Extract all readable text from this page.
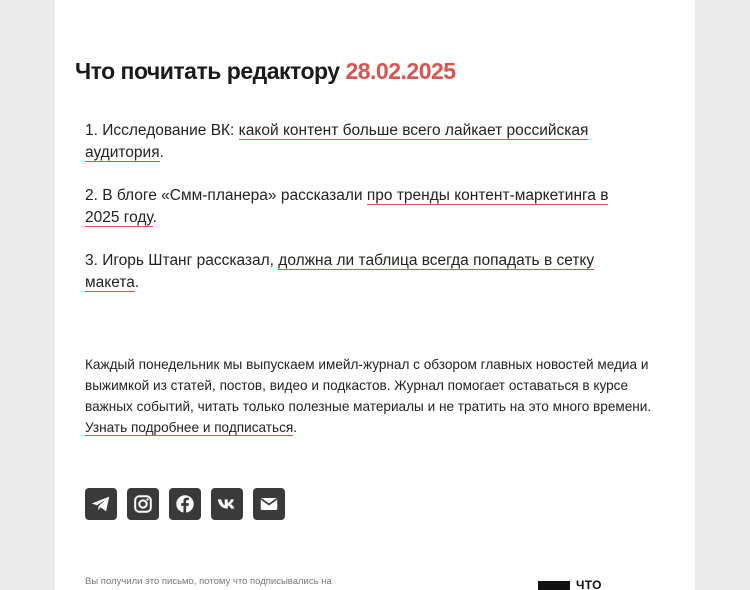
Что почитать редактору 28.02.2025

1. Исследование ВК: какой контент больше всего лайкает российская аудитория.

2. В блоге «Смм-планера» рассказали про тренды контент-маркетинга в 2025 году.

3. Игорь Штанг рассказал, должна ли таблица всегда попадать в сетку макета.

Каждый понедельник мы выпускаем имейл-журнал с обзором главных новостей медиа и выжимкой из статей, постов, видео и подкастов. Журнал помогает оставаться в курсе важных событий, читать только полезные материалы и не тратить на это много времени. Узнать подробнее и подписаться.
Вы получили это письмо, потому что подписывались на	ЧТО
